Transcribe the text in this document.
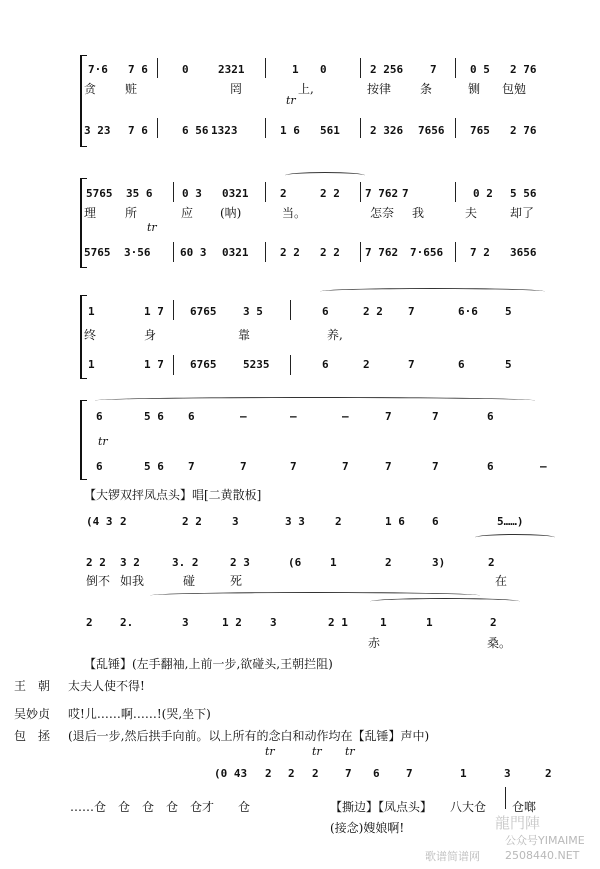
7·6 7 6	0	2321	1 0	2 256 7	0 5 2 76
贪 赃	罔	上,	按律 条	铡 包勉
3 23 7 6	6 56 1323	1 6 561	2 326 7656 765 2 76
tr
5765 35 6	0 3 0321	2	2 2 7 762 7	0 2 5 56
理 所	应 (呐)	当。	怎奈 我	夫	却了
5765 3·56	60 3 0321	2 2 2 2 7 762 7·656 7 2 3656
tr
1	1 7 6765 3 5	6	2 2 7	6·6 5
终	身	靠	养,
1	1 7 6765 5235	6	2	7	6	5
6	5 6 6	–	–	–	7	7	6
6	5 6 7	7	7	7	7	7	6	–
tr
【大锣双抨凤点头】唱[二黄散板]
(4 3 2	2 2	3	3 3	2	1 6 6	5……)
2 2 3 2	3. 2	2 3	(6	1	2	3)	2
倒不 如我	碰	死	在
2 2.	3	1 2	3	2 1	1	1	2
赤	桑。
【乱锤】(左手翻袖,上前一步,欲碰头,王朝拦阻)
王　朝 太夫人使不得!
吴妙贞 哎!儿……啊……!(哭,坐下)
包　拯 (退后一步,然后拱手向前。以上所有的念白和动作均在【乱锤】声中)
tr	tr tr
(0 43 2 2 2 7 6 7	1	3	2
……仓　仓　仓　仓　仓才　　仓	【撕边】【凤点头】 八大仓 仓啷
(接念)嫂娘啊!	龍門陣
公众号YIMAIME
歌谱简谱网 2508440.NET
